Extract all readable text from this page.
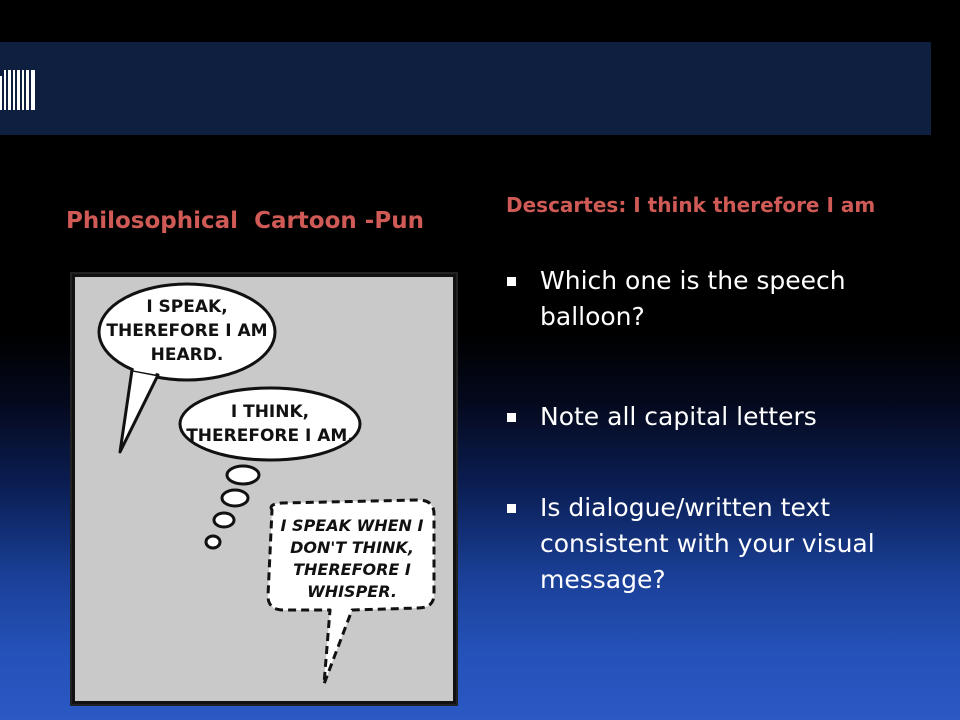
Philosophical  Cartoon -Pun
Descartes: I think therefore I am
I SPEAK,
THEREFORE I AM
HEARD.
I THINK,
THEREFORE I AM.
I SPEAK WHEN I
DON'T THINK,
THEREFORE I
WHISPER.
Which one is the speech balloon?
Note all capital letters
Is dialogue/written text consistent with your visual message?
